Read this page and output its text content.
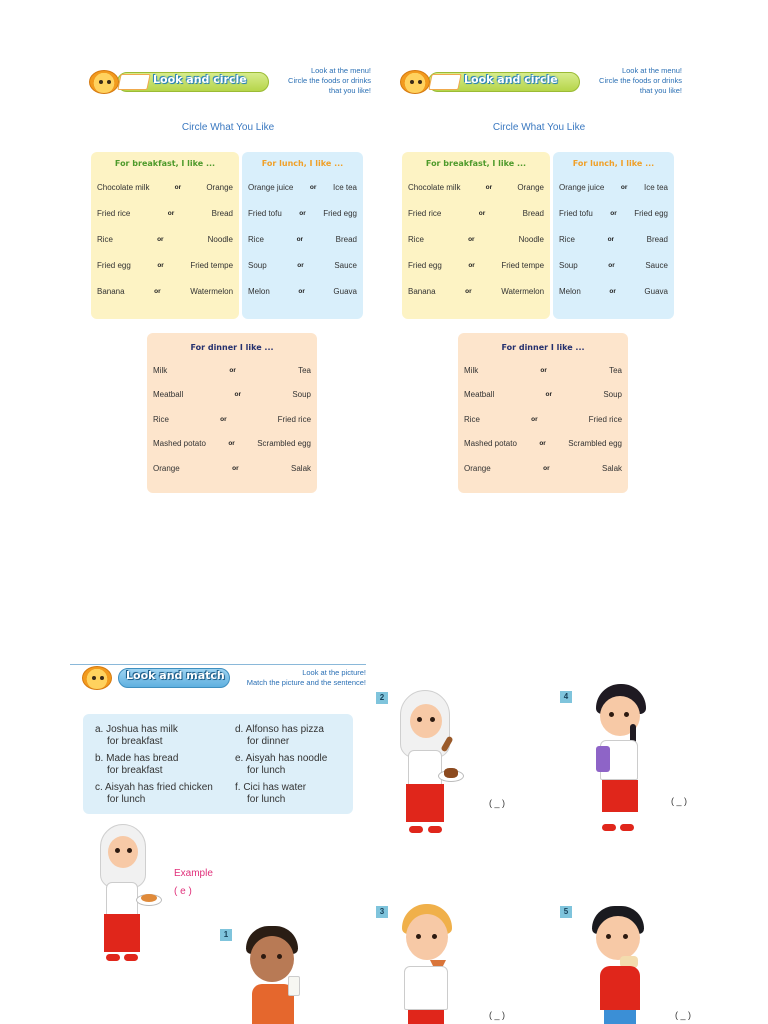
Look and circle
Look at the menu!
Circle the foods or drinks
that you like!
Circle What You Like
For breakfast, I like ...
Chocolate milk	or	Orange
Fried rice	or	Bread
Rice	or	Noodle
Fried egg	or	Fried tempe
Banana	or	Watermelon
For lunch, I like ...
Orange juice	or	Ice tea
Fried tofu	or	Fried egg
Rice	or	Bread
Soup	or	Sauce
Melon	or	Guava
For dinner I like ...
Milk	or	Tea
Meatball	or	Soup
Rice	or	Fried rice
Mashed potato	or	Scrambled egg
Orange	or	Salak
Look and circle
Look at the menu!
Circle the foods or drinks
that you like!
Circle What You Like
For breakfast, I like ...
Chocolate milk	or	Orange
Fried rice	or	Bread
Rice	or	Noodle
Fried egg	or	Fried tempe
Banana	or	Watermelon
For lunch, I like ...
Orange juice	or	Ice tea
Fried tofu	or	Fried egg
Rice	or	Bread
Soup	or	Sauce
Melon	or	Guava
For dinner I like ...
Milk	or	Tea
Meatball	or	Soup
Rice	or	Fried rice
Mashed potato	or	Scrambled egg
Orange	or	Salak
Look and match	Look at the picture!
Match the picture and the sentence!
a. Joshua has milk
for breakfast
b. Made has bread
for breakfast
c. Aisyah has fried chicken
for lunch
d. Alfonso has pizza
for dinner
e. Aisyah has noodle
for lunch
f. Cici has water
for lunch
Example
( e )
1
2
( _ )
3
( _ )
4
( _ )
5
( _ )
